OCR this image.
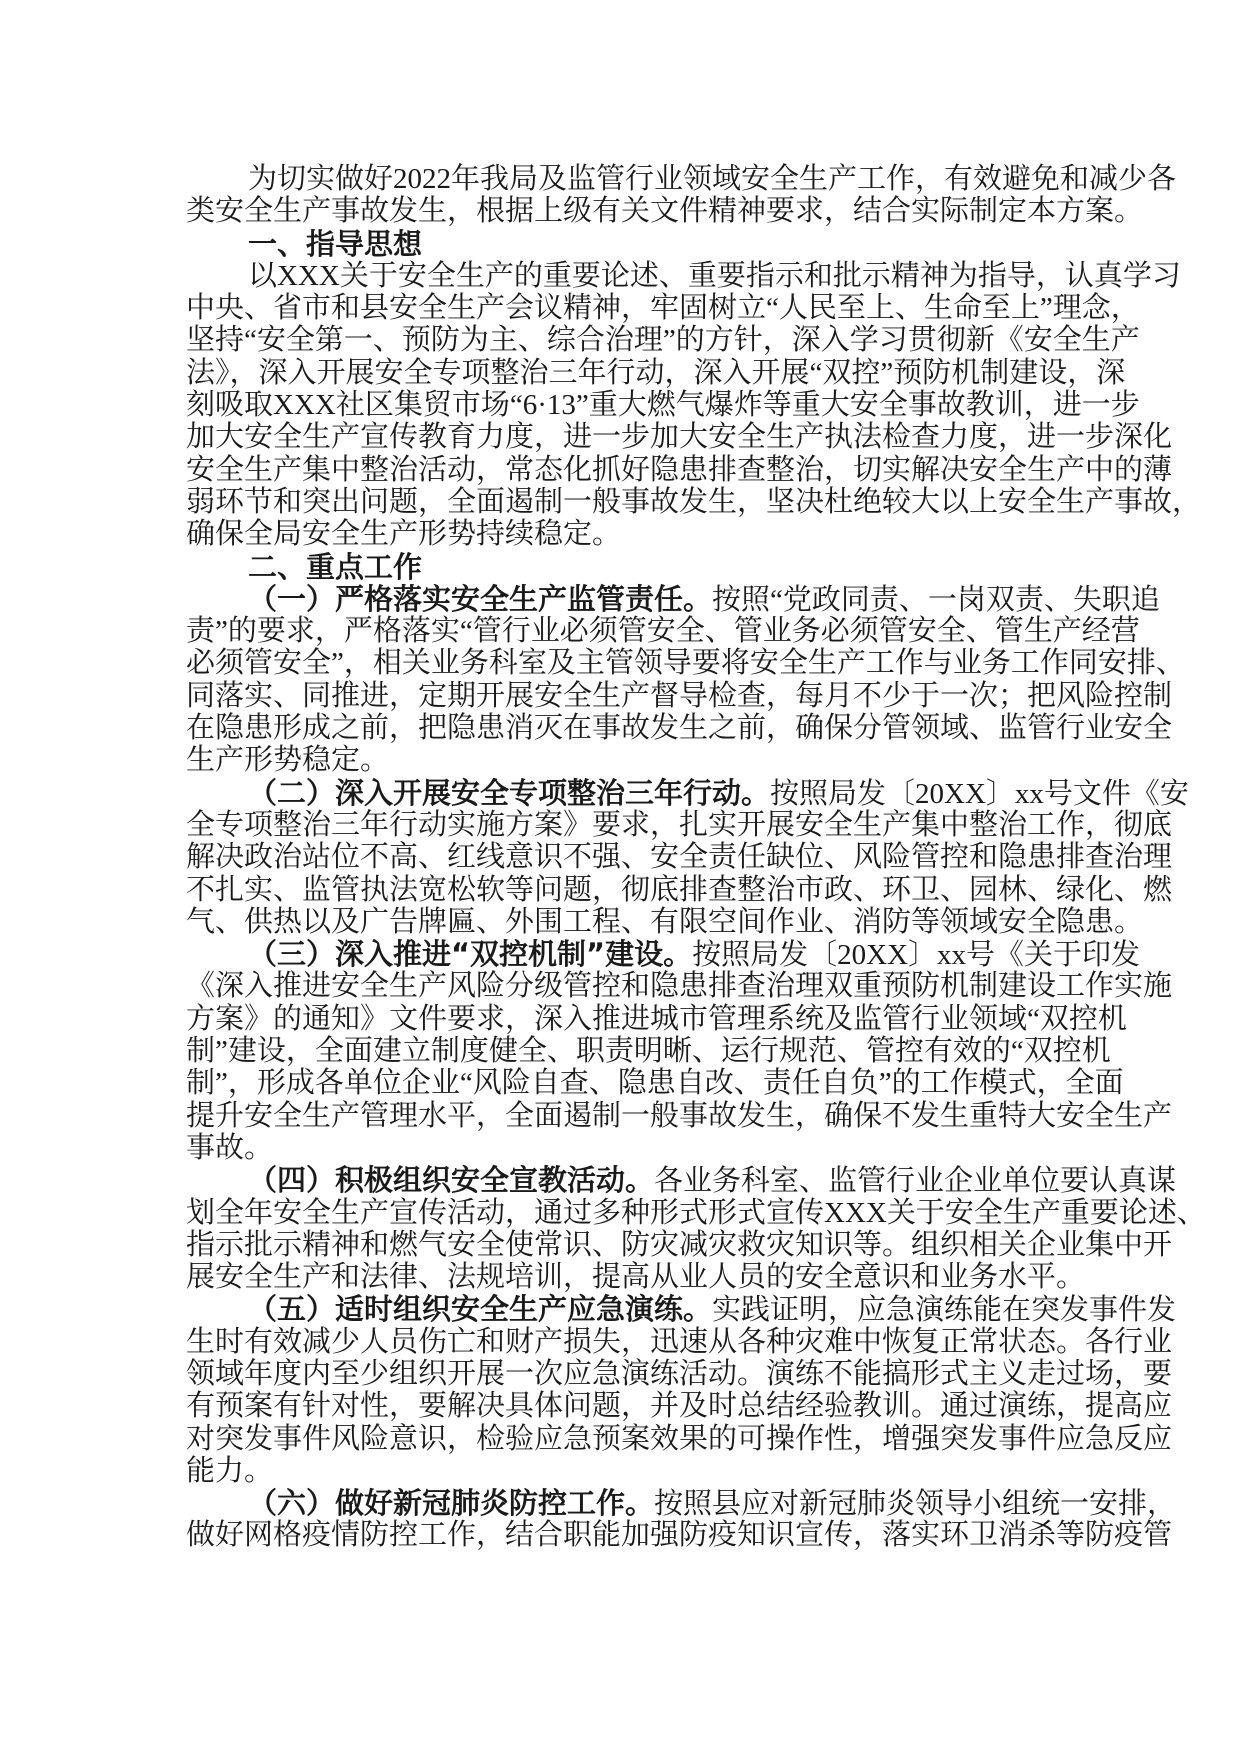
为切实做好2022年我局及监管行业领域安全生产工作，有效避免和减少各
类安全生产事故发生，根据上级有关文件精神要求，结合实际制定本方案。
一、指导思想
以XXX关于安全生产的重要论述、重要指示和批示精神为指导，认真学习
中央、省市和县安全生产会议精神，牢固树立“人民至上、生命至上”理念，
坚持“安全第一、预防为主、综合治理”的方针，深入学习贯彻新《安全生产
法》，深入开展安全专项整治三年行动，深入开展“双控”预防机制建设，深
刻吸取XXX社区集贸市场“6·13”重大燃气爆炸等重大安全事故教训，进一步
加大安全生产宣传教育力度，进一步加大安全生产执法检查力度，进一步深化
安全生产集中整治活动，常态化抓好隐患排查整治，切实解决安全生产中的薄
弱环节和突出问题，全面遏制一般事故发生，坚决杜绝较大以上安全生产事故，
确保全局安全生产形势持续稳定。
二、重点工作
（一）严格落实安全生产监管责任。按照“党政同责、一岗双责、失职追
责”的要求，严格落实“管行业必须管安全、管业务必须管安全、管生产经营
必须管安全”，相关业务科室及主管领导要将安全生产工作与业务工作同安排、
同落实、同推进，定期开展安全生产督导检查，每月不少于一次；把风险控制
在隐患形成之前，把隐患消灭在事故发生之前，确保分管领域、监管行业安全
生产形势稳定。
（二）深入开展安全专项整治三年行动。按照局发〔20XX〕xx号文件《安
全专项整治三年行动实施方案》要求，扎实开展安全生产集中整治工作，彻底
解决政治站位不高、红线意识不强、安全责任缺位、风险管控和隐患排查治理
不扎实、监管执法宽松软等问题，彻底排查整治市政、环卫、园林、绿化、燃
气、供热以及广告牌匾、外围工程、有限空间作业、消防等领域安全隐患。
（三）深入推进“双控机制”建设。按照局发〔20XX〕xx号《关于印发
《深入推进安全生产风险分级管控和隐患排查治理双重预防机制建设工作实施
方案》的通知》文件要求，深入推进城市管理系统及监管行业领域“双控机
制”建设，全面建立制度健全、职责明晰、运行规范、管控有效的“双控机
制”，形成各单位企业“风险自查、隐患自改、责任自负”的工作模式，全面
提升安全生产管理水平，全面遏制一般事故发生，确保不发生重特大安全生产
事故。
（四）积极组织安全宣教活动。各业务科室、监管行业企业单位要认真谋
划全年安全生产宣传活动，通过多种形式形式宣传XXX关于安全生产重要论述、
指示批示精神和燃气安全使常识、防灾减灾救灾知识等。组织相关企业集中开
展安全生产和法律、法规培训，提高从业人员的安全意识和业务水平。
（五）适时组织安全生产应急演练。实践证明，应急演练能在突发事件发
生时有效减少人员伤亡和财产损失，迅速从各种灾难中恢复正常状态。各行业
领域年度内至少组织开展一次应急演练活动。演练不能搞形式主义走过场，要
有预案有针对性，要解决具体问题，并及时总结经验教训。通过演练，提高应
对突发事件风险意识，检验应急预案效果的可操作性，增强突发事件应急反应
能力。
（六）做好新冠肺炎防控工作。按照县应对新冠肺炎领导小组统一安排，
做好网格疫情防控工作，结合职能加强防疫知识宣传，落实环卫消杀等防疫管
